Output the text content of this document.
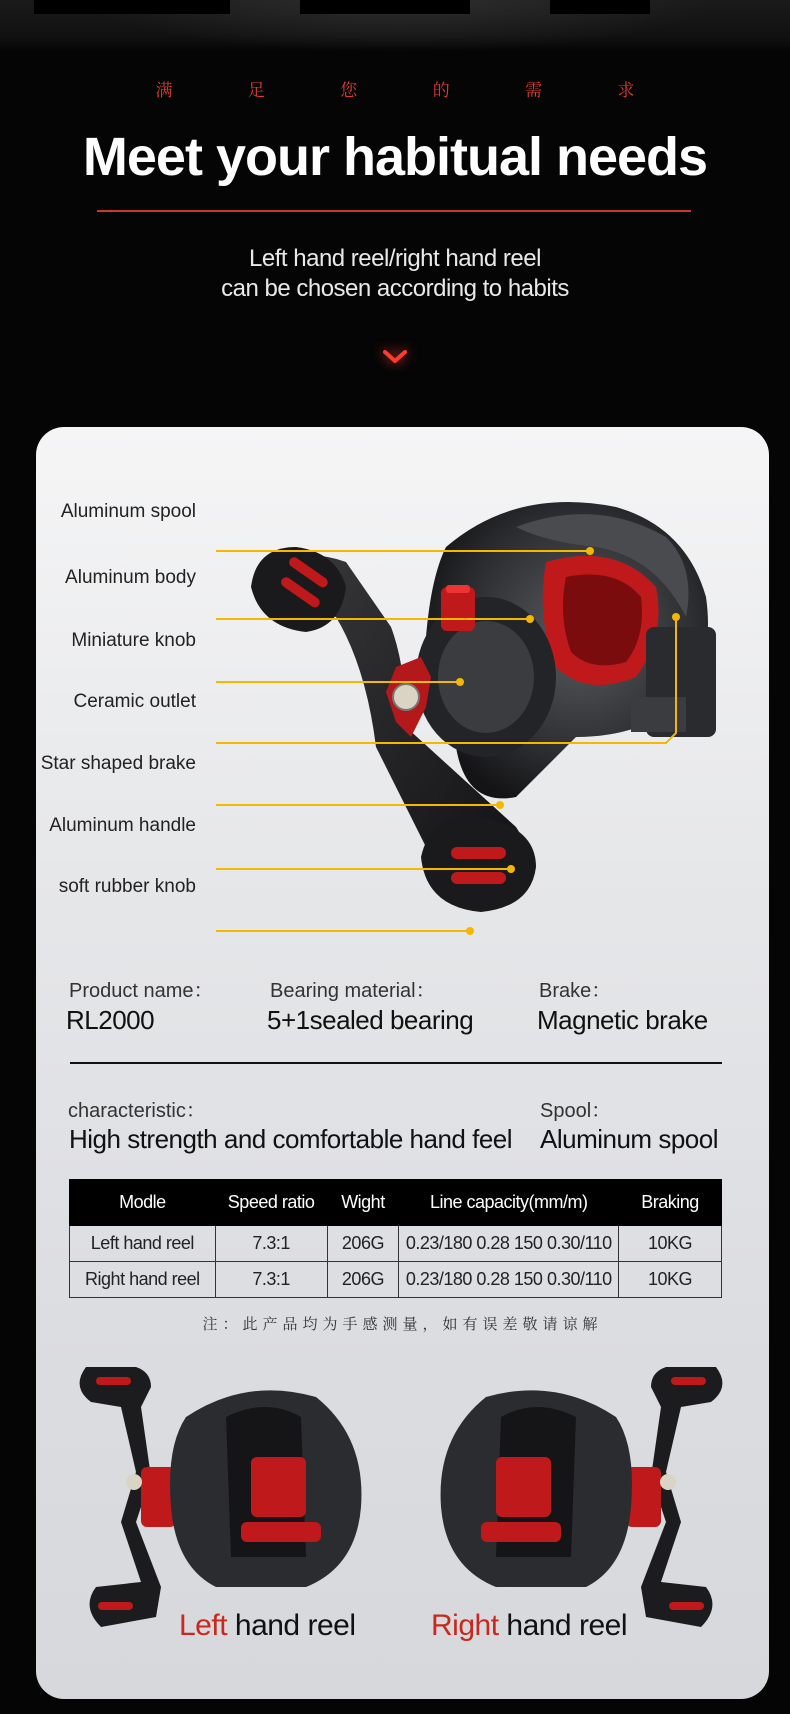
满 足 您 的 需 求
Meet your habitual needs
Left hand reel/right hand reel
can be chosen according to habits
Aluminum spool
Aluminum body
Miniature knob
Ceramic outlet
Star shaped brake
Aluminum handle
soft rubber knob
Product name：
RL2000
Bearing material：
5+1sealed bearing
Brake：
Magnetic brake
characteristic：
High strength and comfortable hand feel
Spool：
Aluminum spool
Modle	Speed ratio	Wight	Line capacity(mm/m)	Braking
Left hand reel	7.3:1	206G	0.23/180 0.28 150 0.30/110	10KG
Right hand reel	7.3:1	206G	0.23/180 0.28 150 0.30/110	10KG
注：此产品均为手感测量，如有误差敬请谅解
Left hand reel	Right hand reel
